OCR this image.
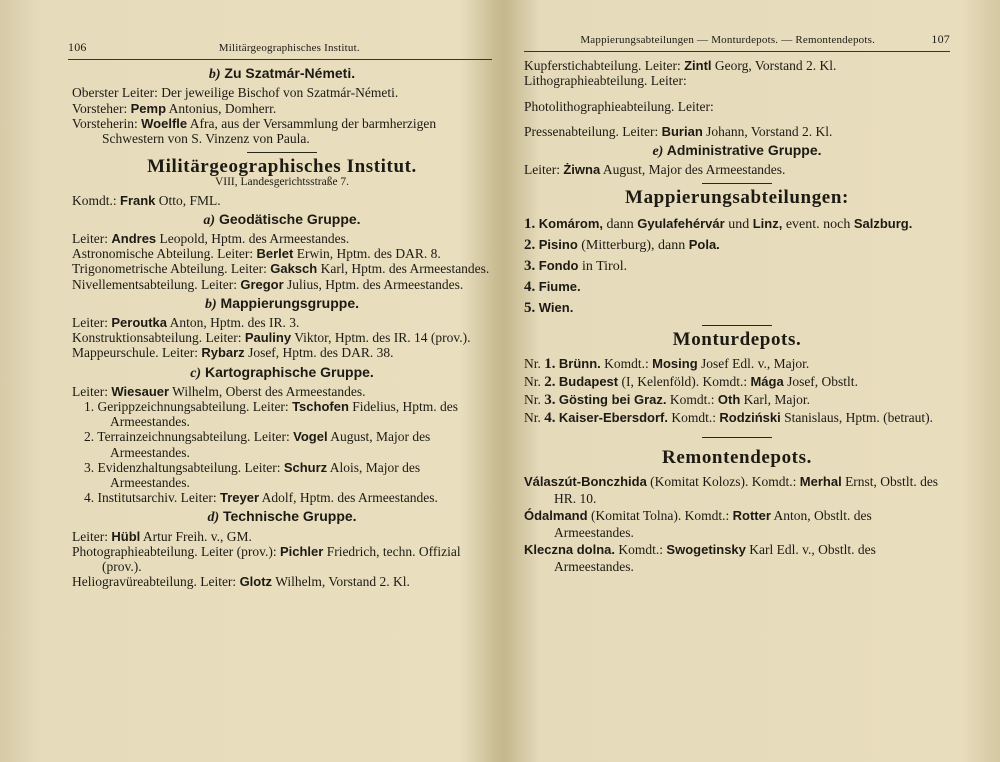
106	Militärgeographisches Institut.
b) Zu Szatmár-Németi.

Oberster Leiter: Der jeweilige Bischof von Szatmár-Németi.

Vorsteher: Pemp Antonius, Domherr.

Vorsteherin: Woelfle Afra, aus der Versammlung der barmherzigen Schwestern von S. Vinzenz von Paula.

Militärgeographisches Institut.
VIII, Landesgerichtsstraße 7.

Komdt.: Frank Otto, FML.

a) Geodätische Gruppe.

Leiter: Andres Leopold, Hptm. des Armeestandes.

Astronomische Abteilung. Leiter: Berlet Erwin, Hptm. des DAR. 8.

Trigonometrische Abteilung. Leiter: Gaksch Karl, Hptm. des Armeestandes.

Nivellementsabteilung. Leiter: Gregor Julius, Hptm. des Armeestandes.

b) Mappierungsgruppe.

Leiter: Peroutka Anton, Hptm. des IR. 3.

Konstruktionsabteilung. Leiter: Pauliny Viktor, Hptm. des IR. 14 (prov.).

Mappeurschule. Leiter: Rybarz Josef, Hptm. des DAR. 38.

c) Kartographische Gruppe.

Leiter: Wiesauer Wilhelm, Oberst des Armeestandes.

1. Gerippzeichnungsabteilung. Leiter: Tschofen Fidelius, Hptm. des Armeestandes.

2. Terrainzeichnungsabteilung. Leiter: Vogel August, Major des Armeestandes.

3. Evidenzhaltungsabteilung. Leiter: Schurz Alois, Major des Armeestandes.

4. Institutsarchiv. Leiter: Treyer Adolf, Hptm. des Armeestandes.

d) Technische Gruppe.

Leiter: Hübl Artur Freih. v., GM.

Photographieabteilung. Leiter (prov.): Pichler Friedrich, techn. Offizial (prov.).

Heliogravüreabteilung. Leiter: Glotz Wilhelm, Vorstand 2. Kl.

Mappierungsabteilungen — Monturdepots. — Remontendepots.	107

Kupferstichabteilung. Leiter: Zintl Georg, Vorstand 2. Kl.

Lithographieabteilung. Leiter:

Photolithographieabteilung. Leiter:

Pressenabteilung. Leiter: Burian Johann, Vorstand 2. Kl.

e) Administrative Gruppe.

Leiter: Żiwna August, Major des Armeestandes.

Mappierungsabteilungen:

1. Komárom, dann Gyulafehérvár und Linz, event. noch Salzburg.

2. Pisino (Mitterburg), dann Pola.

3. Fondo in Tirol.

4. Fiume.

5. Wien.

Monturdepots.

Nr. 1. Brünn. Komdt.: Mosing Josef Edl. v., Major.

Nr. 2. Budapest (I, Kelenföld). Komdt.: Mága Josef, Obstlt.

Nr. 3. Gösting bei Graz. Komdt.: Oth Karl, Major.

Nr. 4. Kaiser-Ebersdorf. Komdt.: Rodziński Stanislaus, Hptm. (betraut).

Remontendepots.

Válaszút-Bonczhida (Komitat Kolozs). Komdt.: Merhal Ernst, Obstlt. des HR. 10.

Ódalmand (Komitat Tolna). Komdt.: Rotter Anton, Obstlt. des Armeestandes.

Kleczna dolna. Komdt.: Swogetinsky Karl Edl. v., Obstlt. des Armeestandes.
